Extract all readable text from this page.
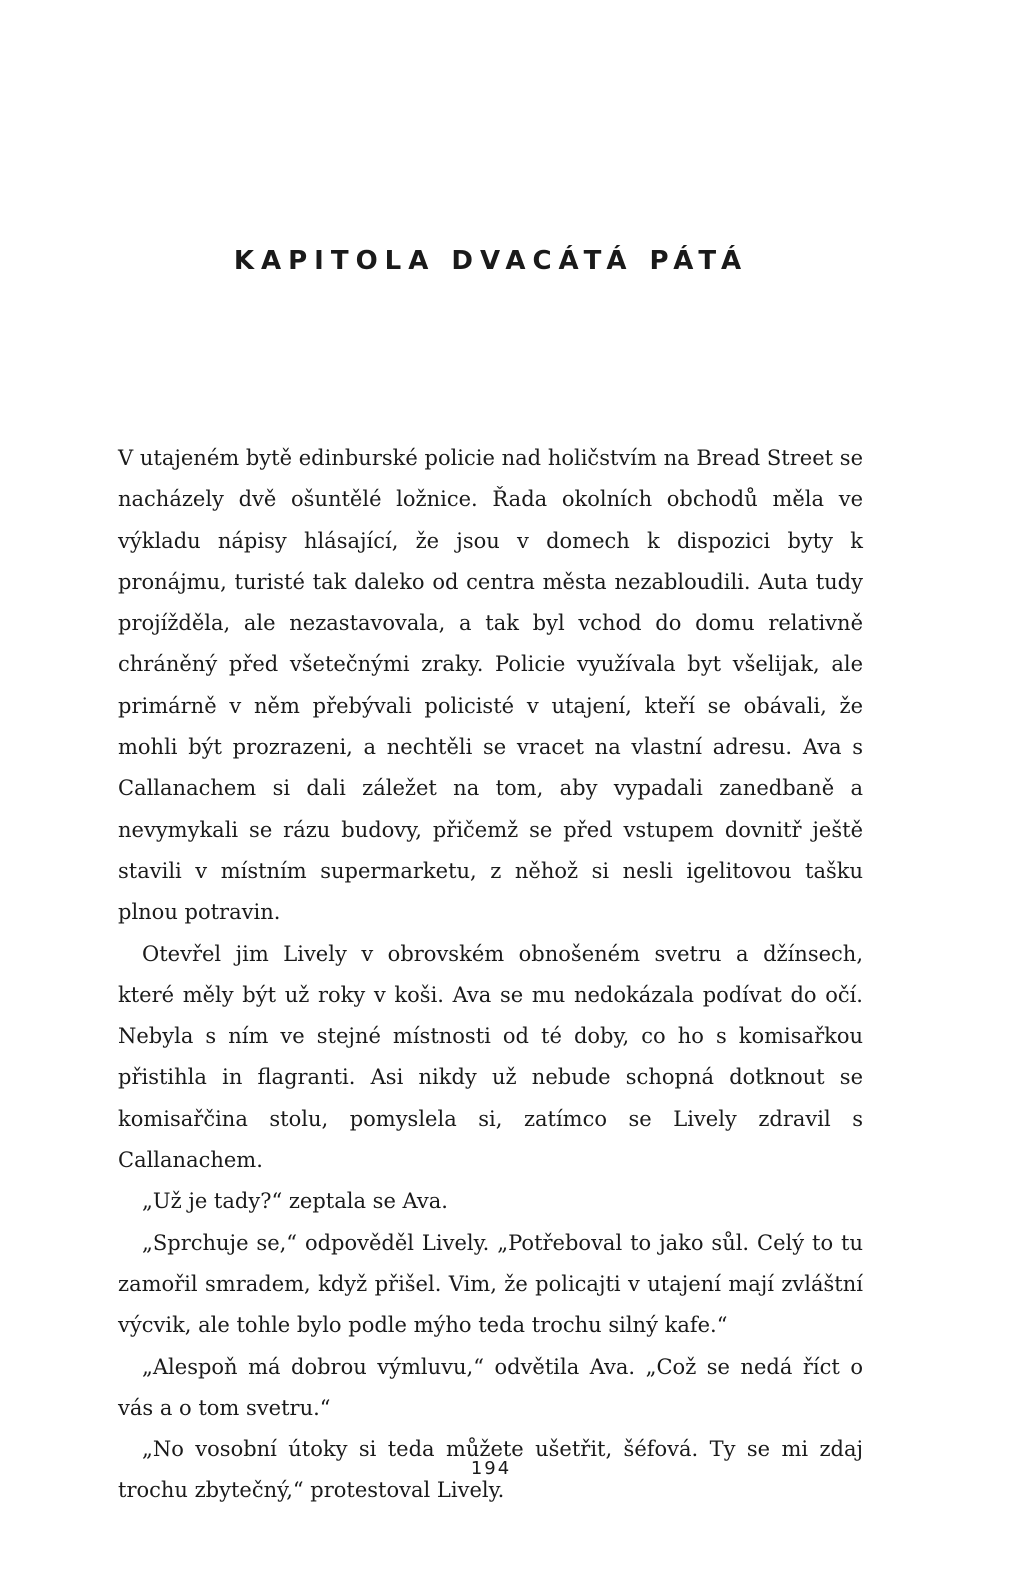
KAPITOLA DVACÁTÁ PÁTÁ

V utajeném bytě edinburské policie nad holičstvím na Bread Street se nacházely dvě ošuntělé ložnice. Řada okolních obchodů měla ve výkladu nápisy hlásající, že jsou v domech k dispozici byty k pronájmu, turisté tak daleko od centra města nezabloudili. Auta tudy projížděla, ale nezastavovala, a tak byl vchod do domu relativně chráněný před všetečnými zraky. Policie využívala byt všelijak, ale primárně v něm přebývali policisté v utajení, kteří se obávali, že mohli být prozrazeni, a nechtěli se vracet na vlastní adresu. Ava s Callanachem si dali záležet na tom, aby vypadali zanedbaně a nevymykali se rázu budovy, přičemž se před vstupem dovnitř ještě stavili v místním supermarketu, z něhož si nesli igelitovou tašku plnou potravin.

Otevřel jim Lively v obrovském obnošeném svetru a džínsech, které měly být už roky v koši. Ava se mu nedokázala podívat do očí. Nebyla s ním ve stejné místnosti od té doby, co ho s komisařkou přistihla in flagranti. Asi nikdy už nebude schopná dotknout se komisařčina stolu, pomyslela si, zatímco se Lively zdravil s Callanachem.

„Už je tady?“ zeptala se Ava.

„Sprchuje se,“ odpověděl Lively. „Potřeboval to jako sůl. Celý to tu zamořil smradem, když přišel. Vim, že policajti v utajení mají zvláštní výcvik, ale tohle bylo podle mýho teda trochu silný kafe.“

„Alespoň má dobrou výmluvu,“ odvětila Ava. „Což se nedá říct o vás a o tom svetru.“

„No vosobní útoky si teda můžete ušetřit, šéfová. Ty se mi zdaj trochu zbytečný,“ protestoval Lively.

194
